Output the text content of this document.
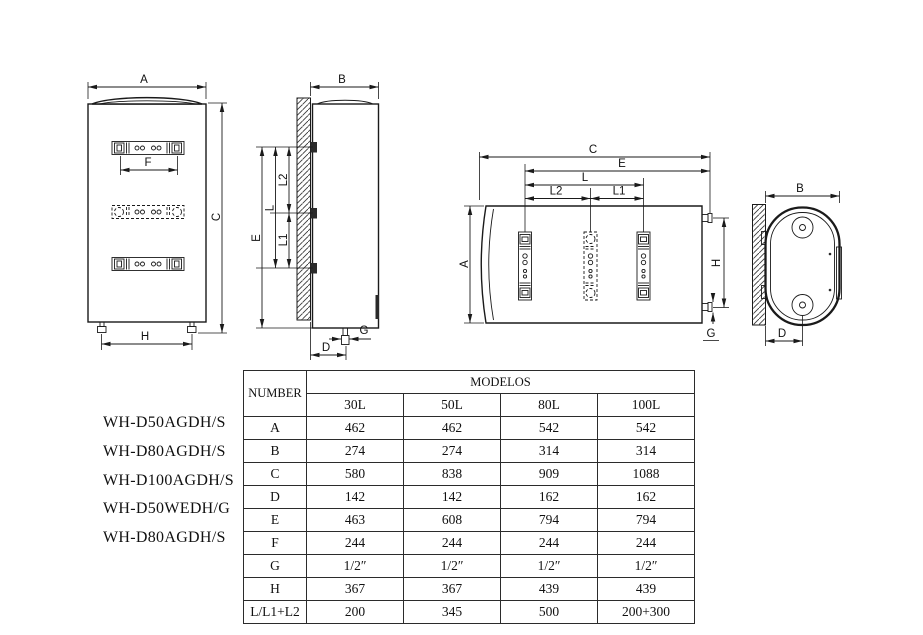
A
C
F
H
B
E
L
L2
L1
G
D
C
E
L
L2	L1
A	H
G
B
D

WH-D50AGDH/S

WH-D80AGDH/S

WH-D100AGDH/S

WH-D50WEDH/G

WH-D80AGDH/S

NUMBER	MODELOS			
	30L	50L	80L	100L
A	462	462	542	542
B	274	274	314	314
C	580	838	909	1088
D	142	142	162	162
E	463	608	794	794
F	244	244	244	244
G	1/2″	1/2″	1/2″	1/2″
H	367	367	439	439
L/L1+L2	200	345	500	200+300
